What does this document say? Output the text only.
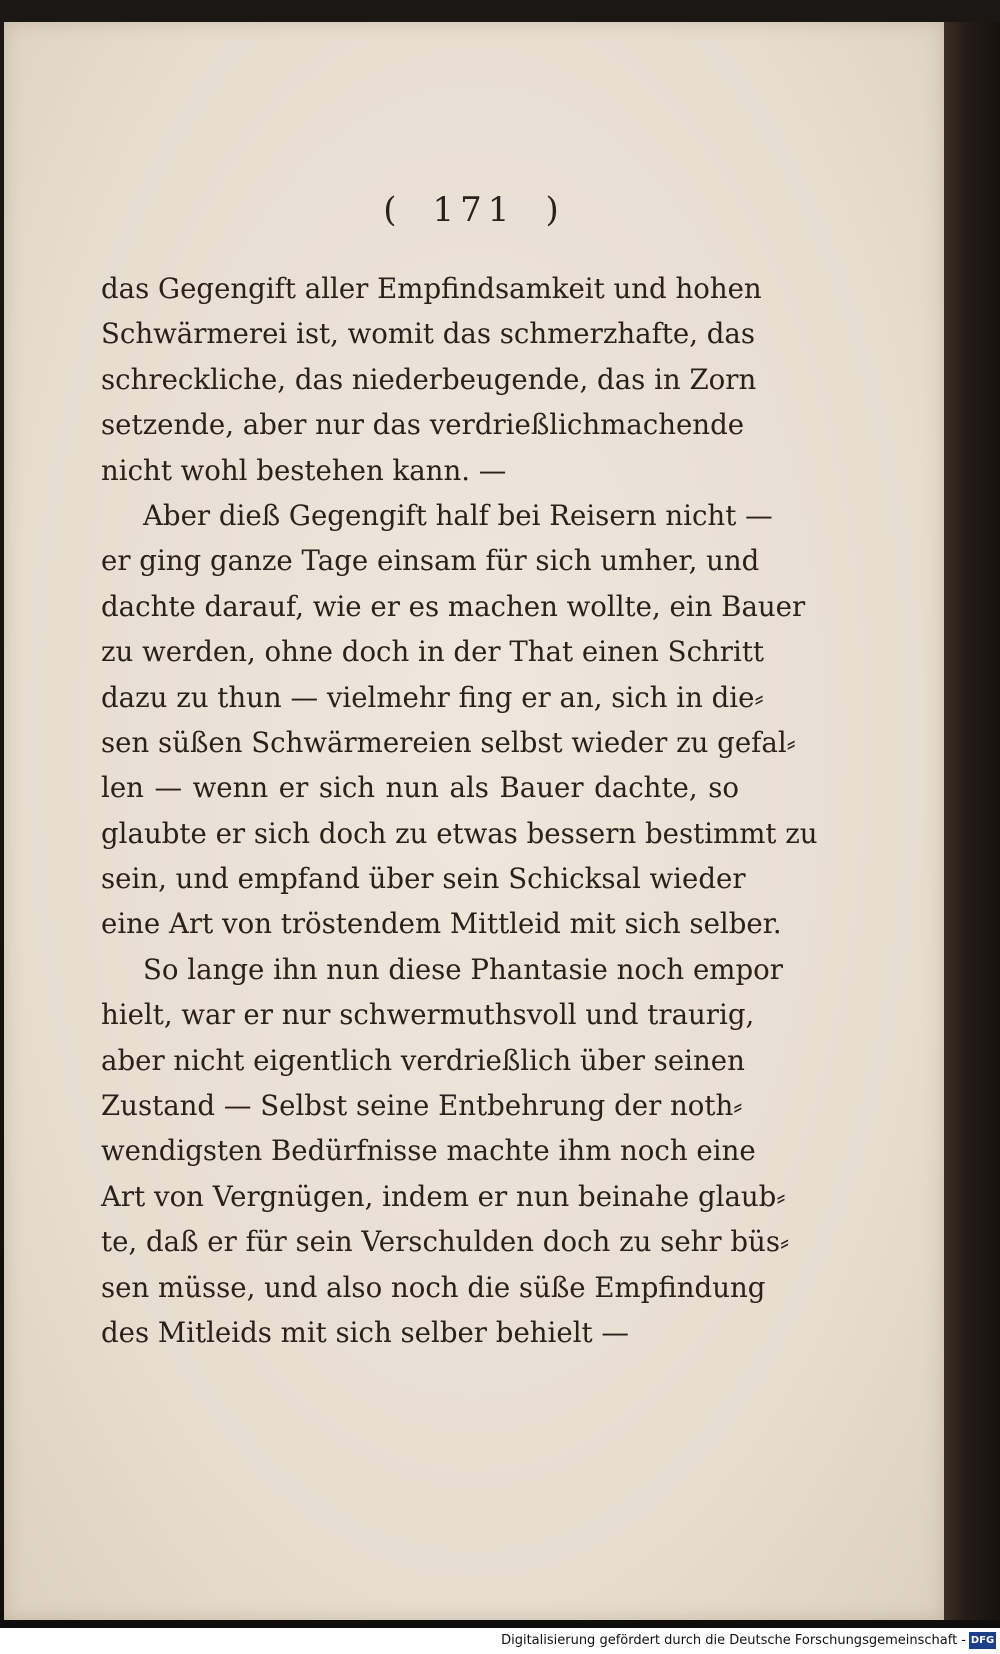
( 171 )
das Gegengift aller Empfindsamkeit und hohen
Schwärmerei ist, womit das schmerzhafte, das
schreckliche, das niederbeugende, das in Zorn
setzende, aber nur das verdrießlichmachende
nicht wohl bestehen kann. —
Aber dieß Gegengift half bei Reisern nicht —
er ging ganze Tage einsam für sich umher, und
dachte darauf, wie er es machen wollte, ein Bauer
zu werden, ohne doch in der That einen Schritt
dazu zu thun — vielmehr fing er an, sich in die⸗
sen süßen Schwärmereien selbst wieder zu gefal⸗
len — wenn er sich nun als Bauer dachte, so
glaubte er sich doch zu etwas bessern bestimmt zu
sein, und empfand über sein Schicksal wieder
eine Art von tröstendem Mittleid mit sich selber.
So lange ihn nun diese Phantasie noch empor
hielt, war er nur schwermuthsvoll und traurig,
aber nicht eigentlich verdrießlich über seinen
Zustand — Selbst seine Entbehrung der noth⸗
wendigsten Bedürfnisse machte ihm noch eine
Art von Vergnügen, indem er nun beinahe glaub⸗
te, daß er für sein Verschulden doch zu sehr büs⸗
sen müsse, und also noch die süße Empfindung
des Mitleids mit sich selber behielt —
Digitalisierung gefördert durch die Deutsche Forschungsgemeinschaft - DFG
